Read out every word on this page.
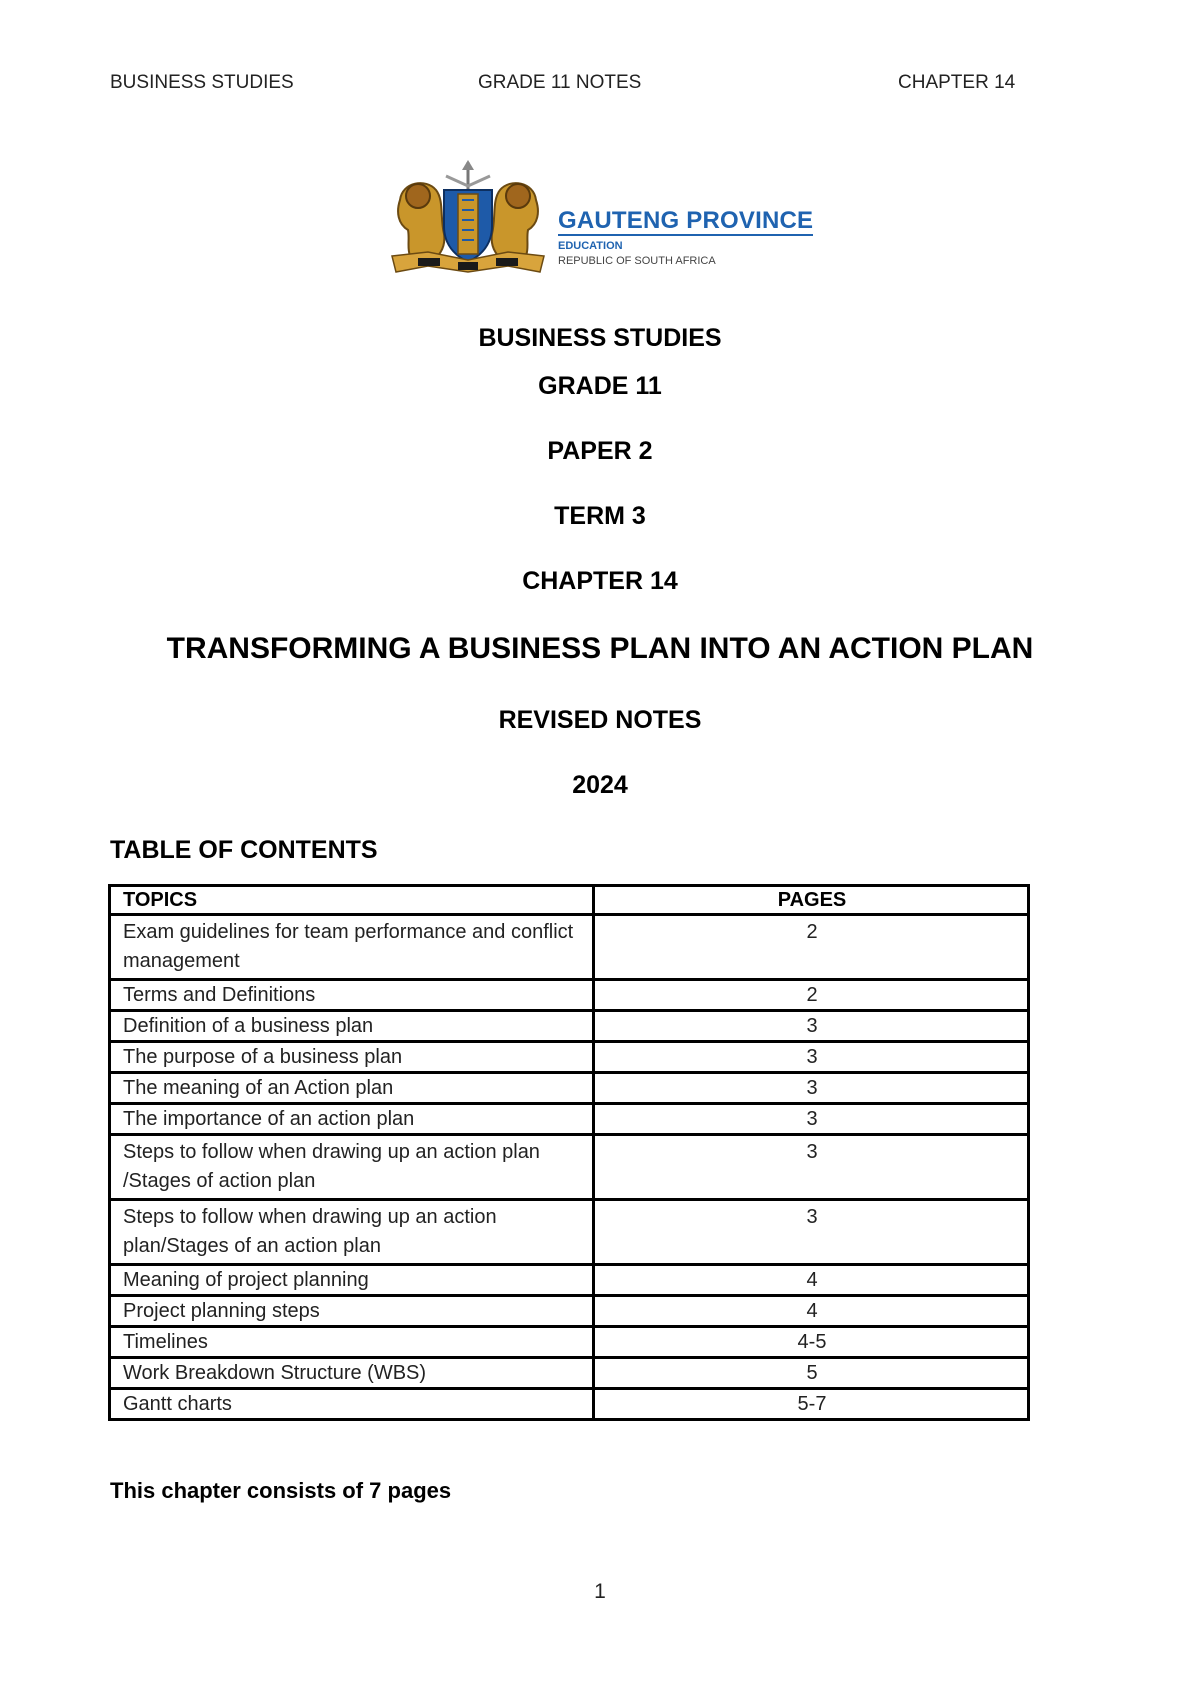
BUSINESS STUDIES	GRADE 11 NOTES	CHAPTER 14
GAUTENG PROVINCE
EDUCATION
REPUBLIC OF SOUTH AFRICA
BUSINESS STUDIES
GRADE 11
PAPER 2
TERM 3
CHAPTER 14
TRANSFORMING A BUSINESS PLAN INTO AN ACTION PLAN
REVISED NOTES
2024
TABLE OF CONTENTS
TOPICS	PAGES
Exam guidelines for team performance and conflict management	2
Terms and Definitions	2
Definition of a business plan	3
The purpose of a business plan	3
The meaning of an Action plan	3
The importance of an action plan	3
Steps to follow when drawing up an action plan /Stages of action plan	3
Steps to follow when drawing up an action plan/Stages of an action plan	3
Meaning of project planning	4
Project planning steps	4
Timelines	4-5
Work Breakdown Structure (WBS)	5
Gantt charts	5-7
This chapter consists of 7 pages
1
